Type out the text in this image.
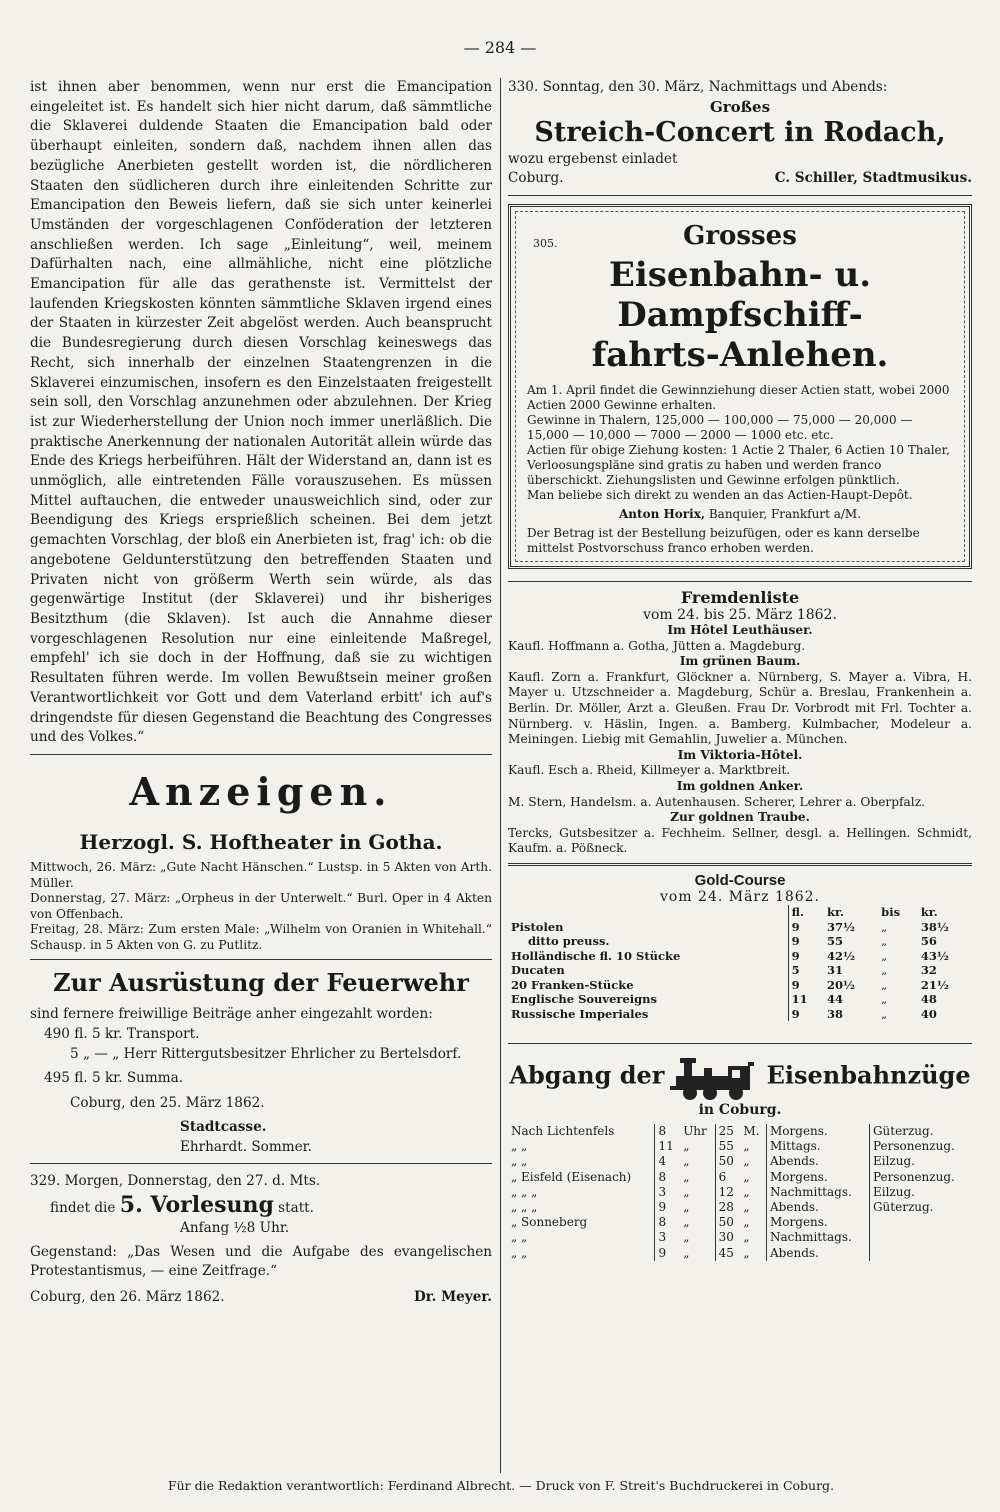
— 284 —

ist ihnen aber benommen, wenn nur erst die Emancipation eingeleitet ist. Es handelt sich hier nicht darum, daß sämmtliche die Sklaverei duldende Staaten die Emancipation bald oder überhaupt einleiten, sondern daß, nachdem ihnen allen das bezügliche Anerbieten gestellt worden ist, die nördlicheren Staaten den südlicheren durch ihre einleitenden Schritte zur Emancipation den Beweis liefern, daß sie sich unter keinerlei Umständen der vorgeschlagenen Conföderation der letzteren anschließen werden. Ich sage „Einleitung“, weil, meinem Dafürhalten nach, eine allmähliche, nicht eine plötzliche Emancipation für alle das gerathenste ist. Vermittelst der laufenden Kriegskosten könnten sämmtliche Sklaven irgend eines der Staaten in kürzester Zeit abgelöst werden. Auch beansprucht die Bundesregierung durch diesen Vorschlag keineswegs das Recht, sich innerhalb der einzelnen Staatengrenzen in die Sklaverei einzumischen, insofern es den Einzelstaaten freigestellt sein soll, den Vorschlag anzunehmen oder abzulehnen. Der Krieg ist zur Wiederherstellung der Union noch immer unerläßlich. Die praktische Anerkennung der nationalen Autorität allein würde das Ende des Kriegs herbeiführen. Hält der Widerstand an, dann ist es unmöglich, alle eintretenden Fälle vorauszusehen. Es müssen Mittel auftauchen, die entweder unausweichlich sind, oder zur Beendigung des Kriegs ersprießlich scheinen. Bei dem jetzt gemachten Vorschlag, der bloß ein Anerbieten ist, frag' ich: ob die angebotene Geldunterstützung den betreffenden Staaten und Privaten nicht von größerm Werth sein würde, als das gegenwärtige Institut (der Sklaverei) und ihr bisheriges Besitzthum (die Sklaven). Ist auch die Annahme dieser vorgeschlagenen Resolution nur eine einleitende Maßregel, empfehl' ich sie doch in der Hoffnung, daß sie zu wichtigen Resultaten führen werde. Im vollen Bewußtsein meiner großen Verantwortlichkeit vor Gott und dem Vaterland erbitt' ich auf's dringendste für diesen Gegenstand die Beachtung des Congresses und des Volkes.“

Anzeigen.
Herzogl. S. Hoftheater in Gotha.

Mittwoch, 26. März: „Gute Nacht Hänschen.“ Lustsp. in 5 Akten von Arth. Müller.

Donnerstag, 27. März: „Orpheus in der Unterwelt.“ Burl. Oper in 4 Akten von Offenbach.

Freitag, 28. März: Zum ersten Male: „Wilhelm von Oranien in Whitehall.“ Schausp. in 5 Akten von G. zu Putlitz.

Zur Ausrüstung der Feuerwehr

sind fernere freiwillige Beiträge anher eingezahlt worden:

490 fl. 5 kr. Transport.

5 „ — „ Herr Rittergutsbesitzer Ehrlicher zu Bertelsdorf.

495 fl. 5 kr. Summa.

Coburg, den 25. März 1862.

Stadtcasse.

Ehrhardt. Sommer.

329. Morgen, Donnerstag, den 27. d. Mts.

findet die 5. Vorlesung statt.

Anfang ½8 Uhr.

Gegenstand: „Das Wesen und die Aufgabe des evangelischen Protestantismus, — eine Zeitfrage.“

Coburg, den 26. März 1862.	Dr. Meyer.

330. Sonntag, den 30. März, Nachmittags und Abends:

Großes
Streich-Concert in Rodach,

wozu ergebenst einladet

Coburg.	C. Schiller, Stadtmusikus.
305.	Grosses
Eisenbahn- u. Dampfschiff-
fahrts-Anlehen.

Am 1. April findet die Gewinnziehung dieser Actien statt, wobei 2000 Actien 2000 Gewinne erhalten.

Gewinne in Thalern, 125,000 — 100,000 — 75,000 — 20,000 — 15,000 — 10,000 — 7000 — 2000 — 1000 etc. etc.

Actien für obige Ziehung kosten: 1 Actie 2 Thaler, 6 Actien 10 Thaler, Verloosungspläne sind gratis zu haben und werden franco überschickt. Ziehungslisten und Gewinne erfolgen pünktlich.

Man beliebe sich direkt zu wenden an das Actien-Haupt-Depôt.

Anton Horix, Banquier, Frankfurt a/M.

Der Betrag ist der Bestellung beizufügen, oder es kann derselbe mittelst Postvorschuss franco erhoben werden.

Fremdenliste
vom 24. bis 25. März 1862.
Im Hôtel Leuthäuser.

Kaufl. Hoffmann a. Gotha, Jütten a. Magdeburg.

Im grünen Baum.

Kaufl. Zorn a. Frankfurt, Glöckner a. Nürnberg, S. Mayer a. Vibra, H. Mayer u. Utzschneider a. Magdeburg, Schür a. Breslau, Frankenhein a. Berlin. Dr. Möller, Arzt a. Gleußen. Frau Dr. Vorbrodt mit Frl. Tochter a. Nürnberg. v. Häslin, Ingen. a. Bamberg. Kulmbacher, Modeleur a. Meiningen. Liebig mit Gemahlin, Juwelier a. München.

Im Viktoria-Hôtel.

Kaufl. Esch a. Rheid, Killmeyer a. Marktbreit.

Im goldnen Anker.

M. Stern, Handelsm. a. Autenhausen. Scherer, Lehrer a. Oberpfalz.

Zur goldnen Traube.

Tercks, Gutsbesitzer a. Fechheim. Sellner, desgl. a. Hellingen. Schmidt, Kaufm. a. Pößneck.

Gold-Course
vom 24. März 1862.
	fl.	kr.	bis	kr.
Pistolen	9	37½	„	38½
ditto preuss.	9	55	„	56
Holländische fl. 10 Stücke	9	42½	„	43½
Ducaten	5	31	„	32
20 Franken-Stücke	9	20½	„	21½
Englische Souvereigns	11	44	„	48
Russische Imperiales	9	38	„	40
Abgang der	Eisenbahnzüge
in Coburg.
Nach Lichtenfels	8	Uhr	25	M.	Morgens.	Güterzug.
„ „	11	„	55	„	Mittags.	Personenzug.
„ „	4	„	50	„	Abends.	Eilzug.
„ Eisfeld (Eisenach)	8	„	6	„	Morgens.	Personenzug.
„ „ „	3	„	12	„	Nachmittags.	Eilzug.
„ „ „	9	„	28	„	Abends.	Güterzug.
„ Sonneberg	8	„	50	„	Morgens.	
„ „	3	„	30	„	Nachmittags.	
„ „	9	„	45	„	Abends.	
Für die Redaktion verantwortlich: Ferdinand Albrecht. — Druck von F. Streit's Buchdruckerei in Coburg.
